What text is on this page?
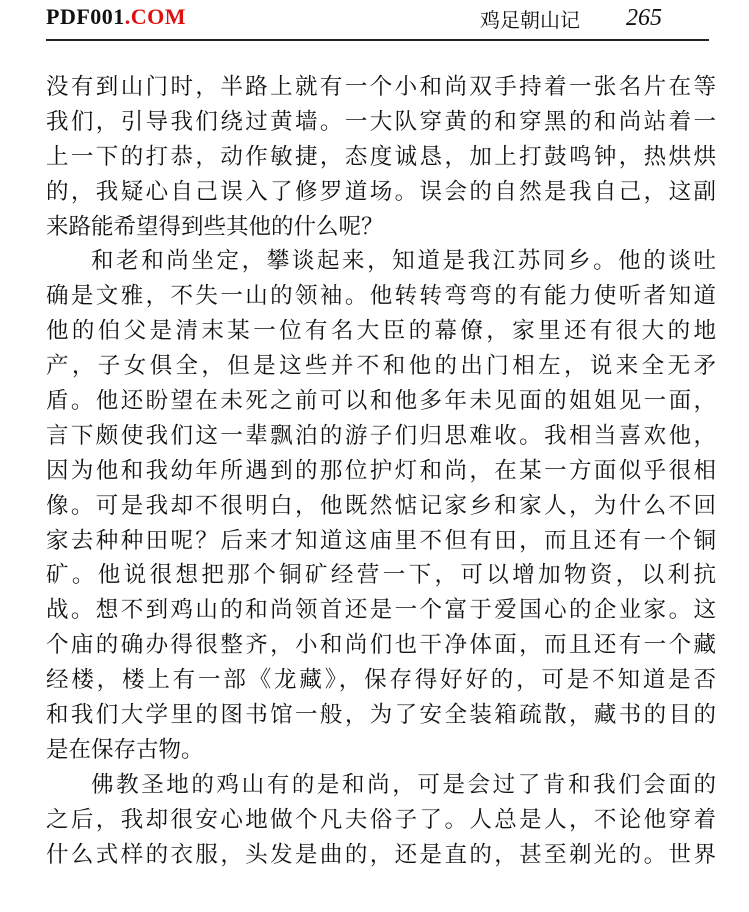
PDF001.COM	鸡足朝山记 265
没有到山门时，半路上就有一个小和尚双手持着一张名片在等
我们，引导我们绕过黄墙。一大队穿黄的和穿黑的和尚站着一
上一下的打恭，动作敏捷，态度诚恳，加上打鼓鸣钟，热烘烘
的，我疑心自己误入了修罗道场。误会的自然是我自己，这副
来路能希望得到些其他的什么呢？
和老和尚坐定，攀谈起来，知道是我江苏同乡。他的谈吐
确是文雅，不失一山的领袖。他转转弯弯的有能力使听者知道
他的伯父是清末某一位有名大臣的幕僚，家里还有很大的地
产，子女俱全，但是这些并不和他的出门相左，说来全无矛
盾。他还盼望在未死之前可以和他多年未见面的姐姐见一面，
言下颇使我们这一辈飘泊的游子们归思难收。我相当喜欢他，
因为他和我幼年所遇到的那位护灯和尚，在某一方面似乎很相
像。可是我却不很明白，他既然惦记家乡和家人，为什么不回
家去种种田呢？后来才知道这庙里不但有田，而且还有一个铜
矿。他说很想把那个铜矿经营一下，可以增加物资，以利抗
战。想不到鸡山的和尚领首还是一个富于爱国心的企业家。这
个庙的确办得很整齐，小和尚们也干净体面，而且还有一个藏
经楼，楼上有一部《龙藏》，保存得好好的，可是不知道是否
和我们大学里的图书馆一般，为了安全装箱疏散，藏书的目的
是在保存古物。
佛教圣地的鸡山有的是和尚，可是会过了肯和我们会面的
之后，我却很安心地做个凡夫俗子了。人总是人，不论他穿着
什么式样的衣服，头发是曲的，还是直的，甚至剃光的。世界
